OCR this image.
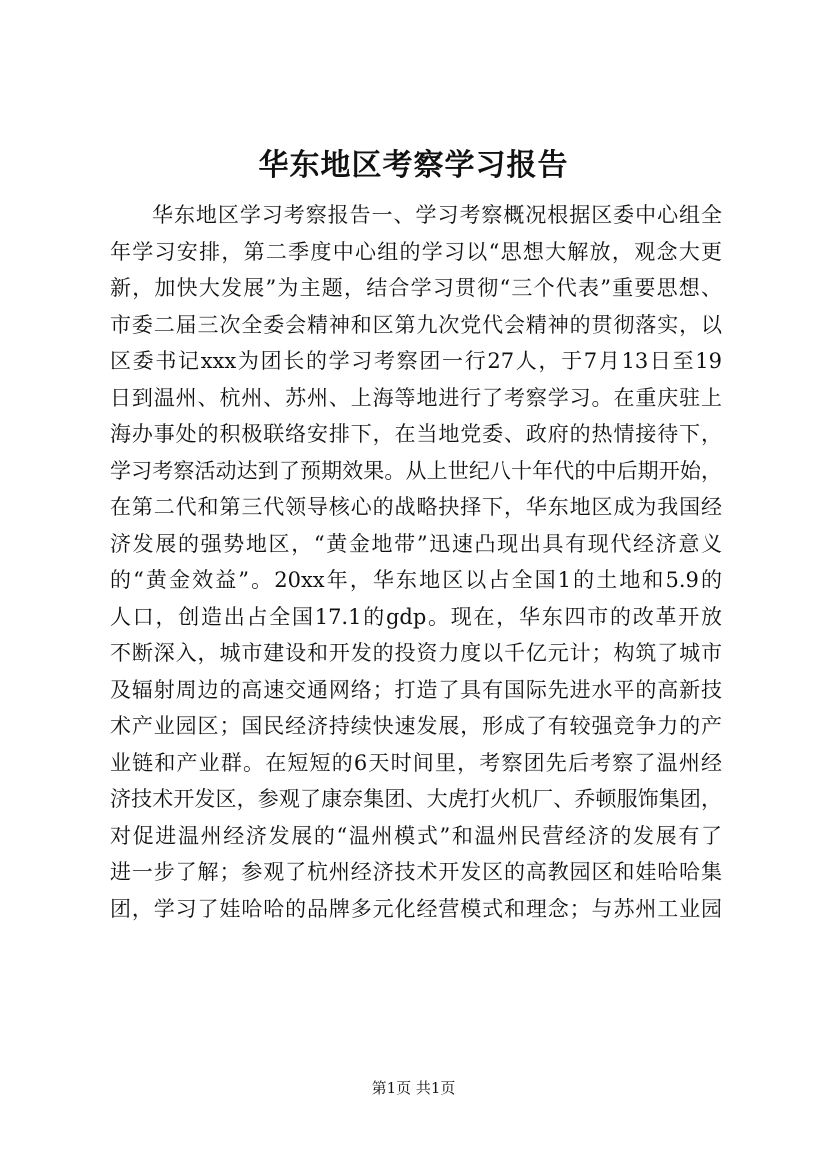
华东地区考察学习报告
华东地区学习考察报告一、学习考察概况根据区委中心组全
年学习安排，第二季度中心组的学习以“思想大解放，观念大更
新，加快大发展”为主题，结合学习贯彻“三个代表”重要思想、
市委二届三次全委会精神和区第九次党代会精神的贯彻落实，以
区委书记xxx为团长的学习考察团一行27人，于7月13日至19
日到温州、杭州、苏州、上海等地进行了考察学习。在重庆驻上
海办事处的积极联络安排下，在当地党委、政府的热情接待下，
学习考察活动达到了预期效果。从上世纪八十年代的中后期开始，
在第二代和第三代领导核心的战略抉择下，华东地区成为我国经
济发展的强势地区，“黄金地带”迅速凸现出具有现代经济意义
的“黄金效益”。20xx年，华东地区以占全国1的土地和5.9的
人口，创造出占全国17.1的gdp。现在，华东四市的改革开放
不断深入，城市建设和开发的投资力度以千亿元计；构筑了城市
及辐射周边的高速交通网络；打造了具有国际先进水平的高新技
术产业园区；国民经济持续快速发展，形成了有较强竞争力的产
业链和产业群。在短短的6天时间里，考察团先后考察了温州经
济技术开发区，参观了康奈集团、大虎打火机厂、乔顿服饰集团，
对促进温州经济发展的“温州模式”和温州民营经济的发展有了
进一步了解；参观了杭州经济技术开发区的高教园区和娃哈哈集
团，学习了娃哈哈的品牌多元化经营模式和理念；与苏州工业园
第1页 共1页
